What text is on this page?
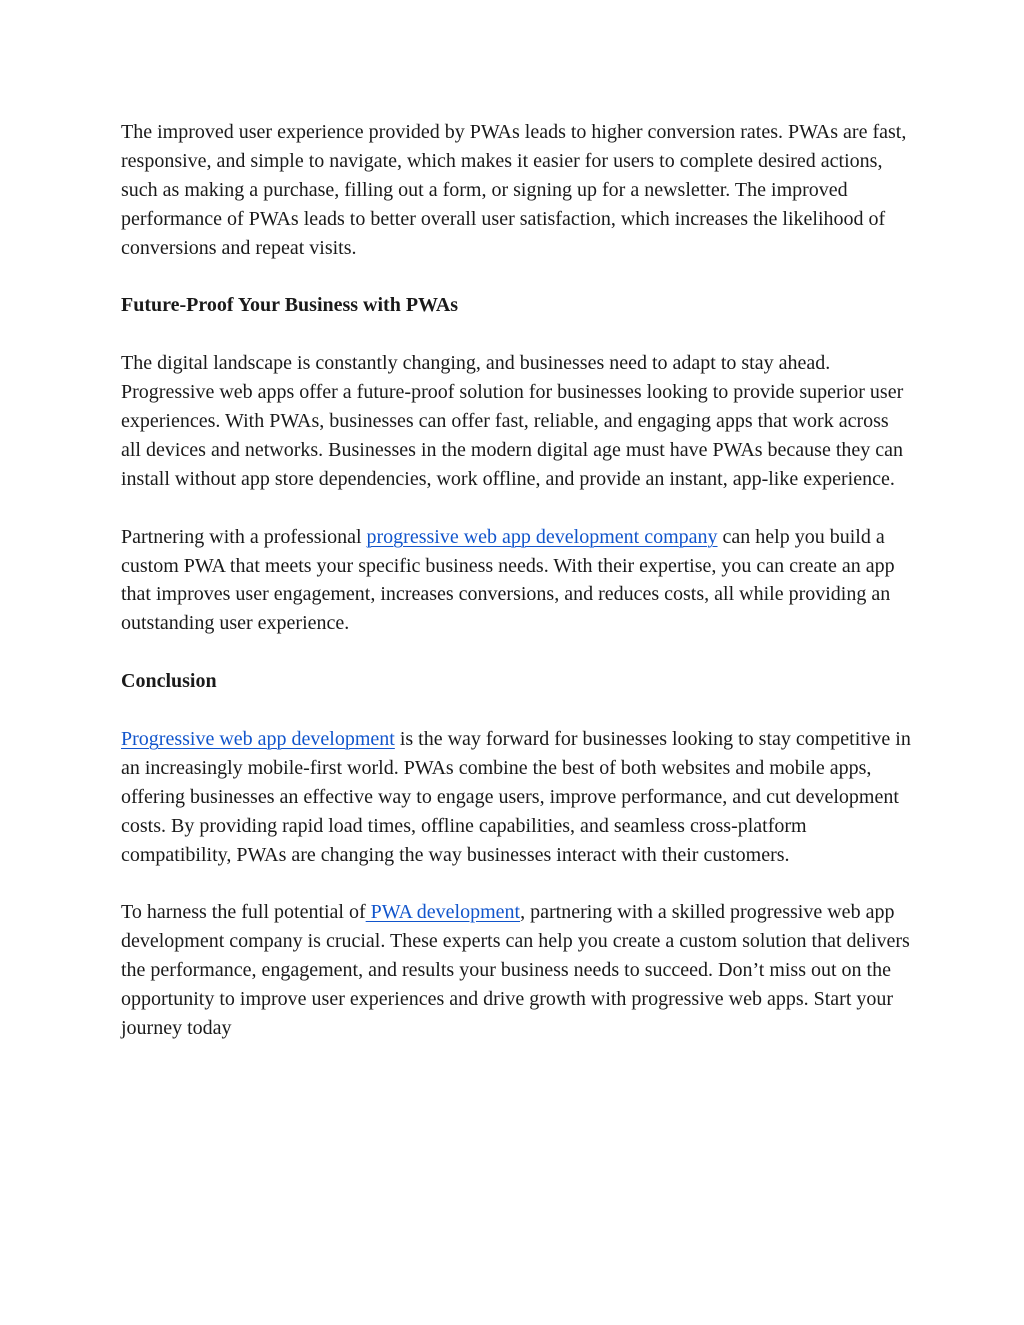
The improved user experience provided by PWAs leads to higher conversion rates. PWAs are fast, responsive, and simple to navigate, which makes it easier for users to complete desired actions, such as making a purchase, filling out a form, or signing up for a newsletter. The improved performance of PWAs leads to better overall user satisfaction, which increases the likelihood of conversions and repeat visits.

Future-Proof Your Business with PWAs

The digital landscape is constantly changing, and businesses need to adapt to stay ahead. Progressive web apps offer a future-proof solution for businesses looking to provide superior user experiences. With PWAs, businesses can offer fast, reliable, and engaging apps that work across all devices and networks. Businesses in the modern digital age must have PWAs because they can install without app store dependencies, work offline, and provide an instant, app-like experience.

Partnering with a professional progressive web app development company can help you build a custom PWA that meets your specific business needs. With their expertise, you can create an app that improves user engagement, increases conversions, and reduces costs, all while providing an outstanding user experience.

Conclusion

Progressive web app development is the way forward for businesses looking to stay competitive in an increasingly mobile-first world. PWAs combine the best of both websites and mobile apps, offering businesses an effective way to engage users, improve performance, and cut development costs. By providing rapid load times, offline capabilities, and seamless cross-platform compatibility, PWAs are changing the way businesses interact with their customers.

To harness the full potential of PWA development, partnering with a skilled progressive web app development company is crucial. These experts can help you create a custom solution that delivers the performance, engagement, and results your business needs to succeed. Don’t miss out on the opportunity to improve user experiences and drive growth with progressive web apps. Start your journey today
